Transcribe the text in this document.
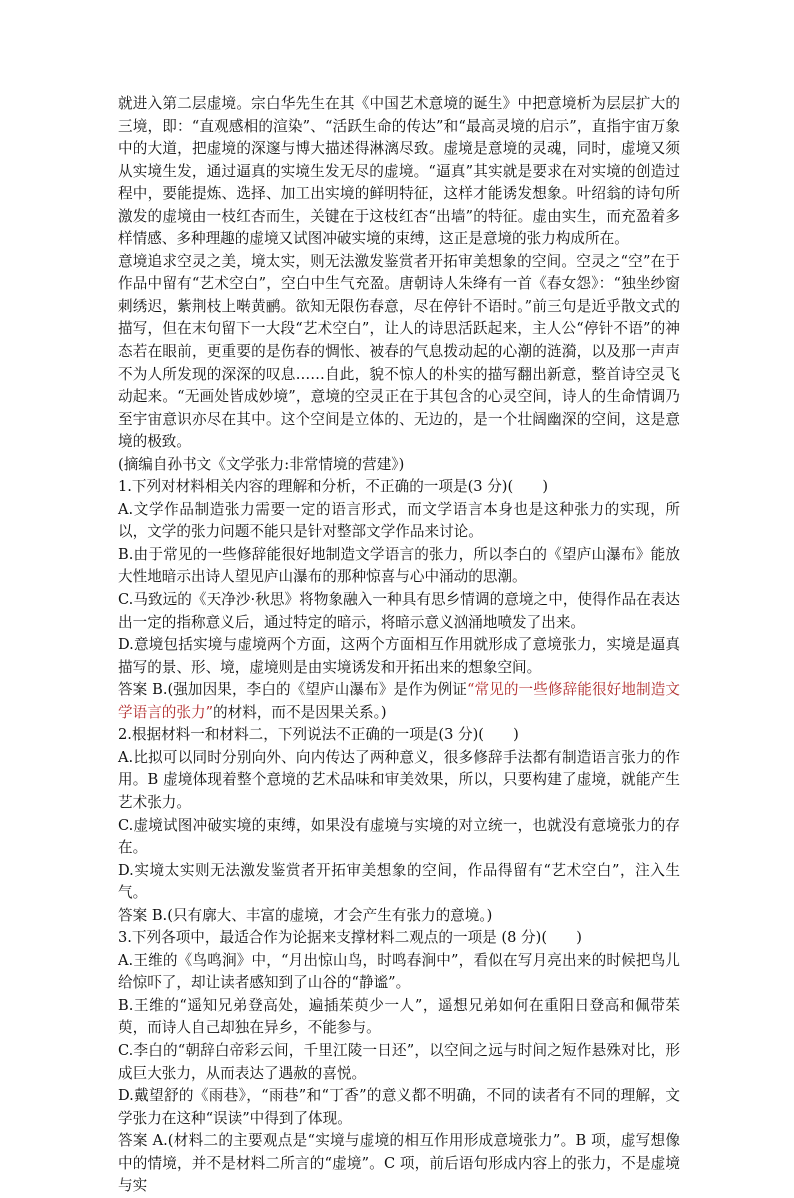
就进入第二层虚境。宗白华先生在其《中国艺术意境的诞生》中把意境析为层层扩大的三境，即：“直观感相的渲染”、“活跃生命的传达”和“最高灵境的启示”，直指宇宙万象中的大道，把虚境的深邃与博大描述得淋漓尽致。虚境是意境的灵魂，同时，虚境又须从实境生发，通过逼真的实境生发无尽的虚境。“逼真”其实就是要求在对实境的创造过程中，要能提炼、选择、加工出实境的鲜明特征，这样才能诱发想象。叶绍翁的诗句所激发的虚境由一枝红杏而生，关键在于这枝红杏“出墙”的特征。虚由实生，而充盈着多样情感、多种理趣的虚境又试图冲破实境的束缚，这正是意境的张力构成所在。

意境追求空灵之美，境太实，则无法激发鉴赏者开拓审美想象的空间。空灵之“空”在于作品中留有“艺术空白”，空白中生气充盈。唐朝诗人朱绛有一首《春女怨》：“独坐纱窗刺绣迟，紫荆枝上啭黄鹂。欲知无限伤春意，尽在停针不语时。”前三句是近乎散文式的描写，但在末句留下一大段“艺术空白”，让人的诗思活跃起来，主人公“停针不语”的神态若在眼前，更重要的是伤春的惆怅、被春的气息拨动起的心潮的涟漪，以及那一声声不为人所发现的深深的叹息……自此，貌不惊人的朴实的描写翻出新意，整首诗空灵飞动起来。“无画处皆成妙境”，意境的空灵正在于其包含的心灵空间，诗人的生命情调乃至宇宙意识亦尽在其中。这个空间是立体的、无边的，是一个壮阔幽深的空间，这是意境的极致。

(摘编自孙书文《文学张力:非常情境的营建》)

1.下列对材料相关内容的理解和分析，不正确的一项是(3 分)(　　)

A.文学作品制造张力需要一定的语言形式，而文学语言本身也是这种张力的实现，所以，文学的张力问题不能只是针对整部文学作品来讨论。

B.由于常见的一些修辞能很好地制造文学语言的张力，所以李白的《望庐山瀑布》能放大性地暗示出诗人望见庐山瀑布的那种惊喜与心中涌动的思潮。

C.马致远的《天净沙·秋思》将物象融入一种具有思乡情调的意境之中，使得作品在表达出一定的指称意义后，通过特定的暗示，将暗示意义汹涌地喷发了出来。

D.意境包括实境与虚境两个方面，这两个方面相互作用就形成了意境张力，实境是逼真描写的景、形、境，虚境则是由实境诱发和开拓出来的想象空间。

答案 B.(强加因果，李白的《望庐山瀑布》是作为例证“常见的一些修辞能很好地制造文学语言的张力”的材料，而不是因果关系。)

2.根据材料一和材料二，下列说法不正确的一项是(3 分)(　　)

A.比拟可以同时分别向外、向内传达了两种意义，很多修辞手法都有制造语言张力的作用。B 虚境体现着整个意境的艺术品味和审美效果，所以，只要构建了虚境，就能产生艺术张力。

C.虚境试图冲破实境的束缚，如果没有虚境与实境的对立统一，也就没有意境张力的存在。

D.实境太实则无法激发鉴赏者开拓审美想象的空间，作品得留有“艺术空白”，注入生气。

答案 B.(只有廓大、丰富的虚境，才会产生有张力的意境。)

3.下列各项中，最适合作为论据来支撑材料二观点的一项是 (8 分)(　　)

A.王维的《鸟鸣涧》中，“月出惊山鸟，时鸣春涧中”，看似在写月亮出来的时候把鸟儿给惊吓了，却让读者感知到了山谷的“静谧”。

B.王维的“遥知兄弟登高处，遍插茱萸少一人”，遥想兄弟如何在重阳日登高和佩带茱萸，而诗人自己却独在异乡，不能参与。

C.李白的“朝辞白帝彩云间，千里江陵一日还”，以空间之远与时间之短作悬殊对比，形成巨大张力，从而表达了遇赦的喜悦。

D.戴望舒的《雨巷》，“雨巷”和“丁香”的意义都不明确，不同的读者有不同的理解，文学张力在这种“误读”中得到了体现。

答案 A.(材料二的主要观点是“实境与虚境的相互作用形成意境张力”。B 项，虚写想像中的情境，并不是材料二所言的“虚境”。C 项，前后语句形成内容上的张力，不是虚境与实
